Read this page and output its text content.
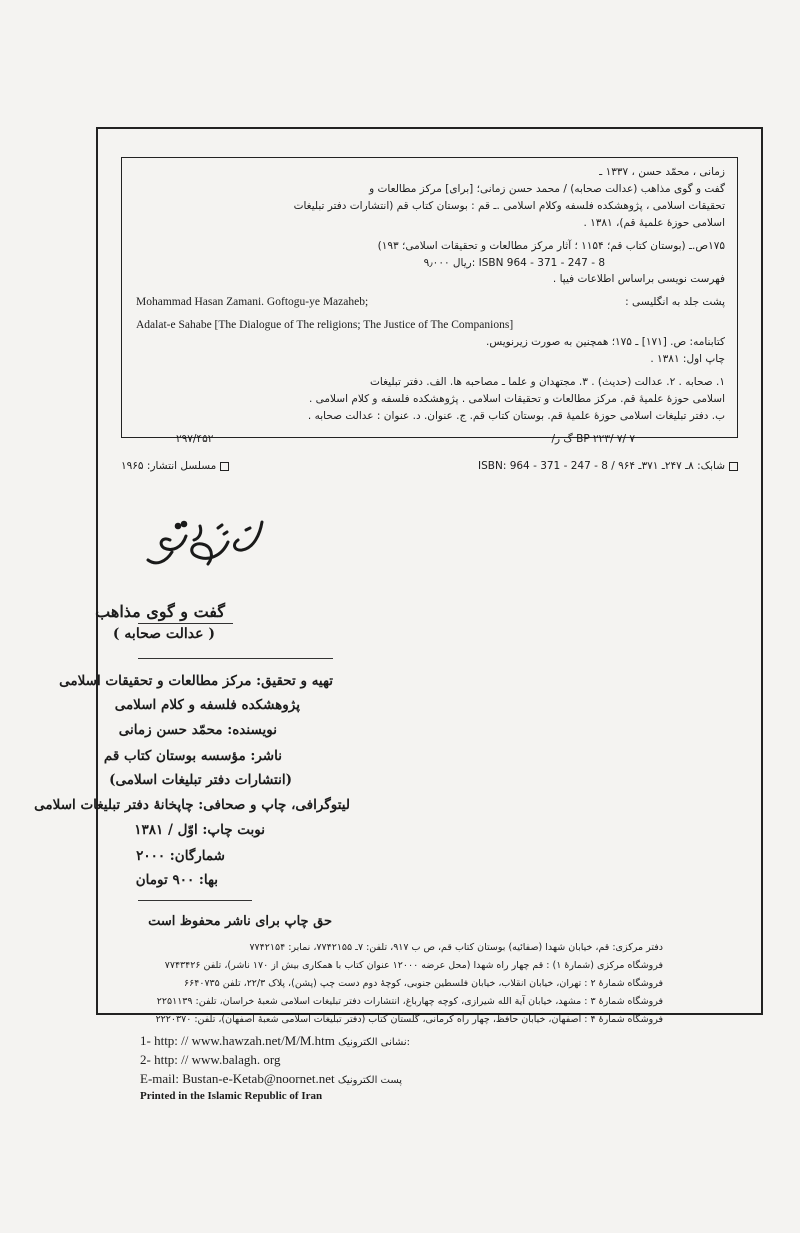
زمانی ، محمّد حسن ، ۱۳۳۷ ـ
گفت و گوی مذاهب (عدالت صحابه) / محمد حسن زمانی؛ [برای] مرکز مطالعات و
تحقیقات اسلامی ، پژوهشکده فلسفه وکلام اسلامی .ـ قم : بوستان کتاب قم (انتشارات دفتر تبلیغات
اسلامی حوزهٔ علمیهٔ قم)، ۱۳۸۱ .
۱۷۵ص.ـ (بوستان کتاب قم؛ ۱۱۵۴ ؛ آثار مرکز مطالعات و تحقیقات اسلامی؛ ۱۹۳)
ISBN 964 - 371 - 247 - 8 :ریال ۹٫۰۰۰
فهرست نویسی براساس اطلاعات فیپا .
پشت جلد به انگلیسی :
Mohammad Hasan Zamani. Goftogu-ye Mazaheb;
Adalat-e Sahabe [The Dialogue of The religions; The Justice of The Companions]
کتابنامه: ص. [۱۷۱] ـ ۱۷۵؛ همچنین به صورت زیرنویس.
چاپ اول: ۱۳۸۱ .
۱. صحابه . ۲. عدالت (حدیث) . ۳. مجتهدان و علما ـ مصاحبه ها. الف. دفتر تبلیغات
اسلامی حوزهٔ علمیهٔ قم. مرکز مطالعات و تحقیقات اسلامی . پژوهشکده فلسفه و کلام اسلامی .
ب. دفتر تبلیغات اسلامی حوزهٔ علمیهٔ قم. بوستان کتاب قم. ج. عنوان. د. عنوان : عدالت صحابه .
BP ۲۲۳/ ۷/ ۷ گ ز/
۲۹۷/۴۵۲
شابک: ۸ـ ۲۴۷ـ ۳۷۱ـ ۹۶۴ / ISBN: 964 - 371 - 247 - 8
مسلسل انتشار: ۱۹۶۵
گفت و گوی مذاهب
( عدالت صحابه )
تهیه و تحقیق: مرکز مطالعات و تحقیقات اسلامی
پژوهشکده فلسفه و کلام اسلامی
نویسنده: محمّد حسن زمانی
ناشر: مؤسسه بوستان کتاب قم
(انتشارات دفتر تبلیغات اسلامی)
لیتوگرافی، چاپ و صحافی: چاپخانهٔ دفتر تبلیغات اسلامی
نوبت چاپ: اوّل / ۱۳۸۱
شمارگان: ۲۰۰۰
بها: ۹۰۰ تومان
حق چاپ برای ناشر محفوظ است
دفتر مرکزی: قم، خیابان شهدا (صفائیه) بوستان کتاب قم، ص ب ۹۱۷، تلفن: ۷ـ ۷۷۴۲۱۵۵، نمابر: ۷۷۴۲۱۵۴
فروشگاه مرکزی (شمارهٔ ۱) : قم چهار راه شهدا (محل عرضه ۱۲۰۰۰ عنوان کتاب با همکاری بیش از ۱۷۰ ناشر)، تلفن ۷۷۴۳۴۲۶
فروشگاه شمارهٔ ۲ : تهران، خیابان انقلاب، خیابان فلسطین جنوبی، کوچهٔ دوم دست چپ (پشن)، پلاک ۲۲/۳، تلفن ۶۶۴۰۷۳۵
فروشگاه شمارهٔ ۳ : مشهد، خیابان آیة الله شیرازی، کوچه چهارباغ، انتشارات دفتر تبلیغات اسلامی شعبهٔ خراسان، تلفن: ۲۲۵۱۱۳۹
فروشگاه شمارهٔ ۴ : اصفهان، خیابان حافظ، چهار راه کرمانی، گلستان کتاب (دفتر تبلیغات اسلامی شعبهٔ اصفهان)، تلفن: ۲۲۲۰۳۷۰
1- http: // www.hawzah.net/M/M.htm نشانی الکترونیک:
2- http: // www.balagh. org
E-mail: Bustan-e-Ketab@noornet.net پست الکترونیک
Printed in the Islamic Republic of Iran
